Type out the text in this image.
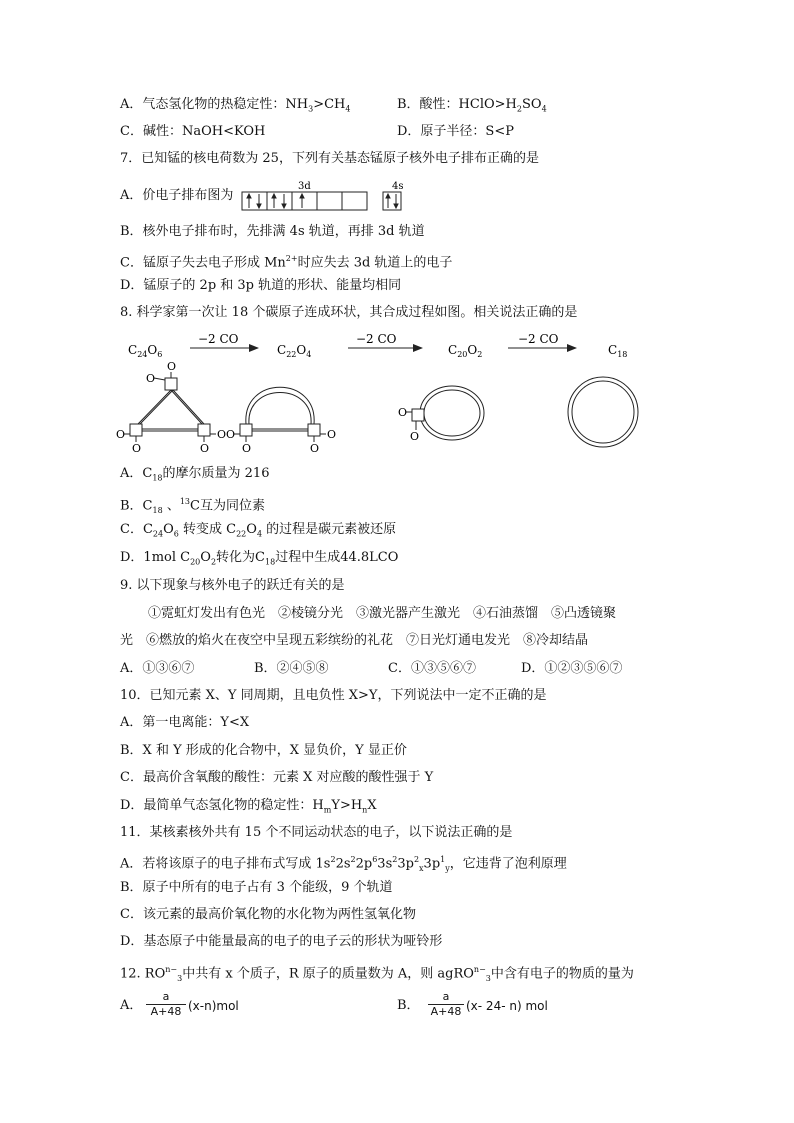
A．气态氢化物的热稳定性：$NH_3>CH_4$	B．酸性：$HClO>H_2SO_4$
C．碱性：NaOH<KOH	D．原子半径：S<P
7．已知锰的核电荷数为 25，下列有关基态锰原子核外电子排布正确的是
A．价电子排布图为
3d	4s
B．核外电子排布时，先排满 4s 轨道，再排 3d 轨道
C．锰原子失去电子形成 $Mn^{2+}$时应失去 3d 轨道上的电子
D．锰原子的 2p 和 3p 轨道的形状、能量均相同
8. 科学家第一次让 18 个碳原子连成环状，其合成过程如图。相关说法正确的是
$C_{24}O_6$	$C_{22}O_4$	$C_{20}O_2$	$C_{18}$
−2 CO	−2 CO	−2 CO
O
O
O
O
O
O
O
O
O
O
O
O
A．$C_{18}$的摩尔质量为 216
B．$C_{18}$ 、$^{13}$C互为同位素
C．$C_{24}O_6$ 转变成 $C_{22}O_4$ 的过程是碳元素被还原
D．1mol $C_{20}O_2$转化为$C_{18}$过程中生成44.8LCO
9. 以下现象与核外电子的跃迁有关的是
①霓虹灯发出有色光　②棱镜分光　③激光器产生激光　④石油蒸馏　⑤凸透镜聚
光　⑥燃放的焰火在夜空中呈现五彩缤纷的礼花　⑦日光灯通电发光　⑧冷却结晶
A．①③⑥⑦	B．②④⑤⑧	C．①③⑤⑥⑦	D．①②③⑤⑥⑦
10．已知元素 X、Y 同周期，且电负性 X>Y，下列说法中一定不正确的是
A．第一电离能：Y<X
B．X 和 Y 形成的化合物中，X 显负价，Y 显正价
C．最高价含氧酸的酸性：元素 X 对应酸的酸性强于 Y
D．最简单气态氢化物的稳定性：$H_mY>H_nX$
11．某核素核外共有 15 个不同运动状态的电子，以下说法正确的是
A．若将该原子的电子排布式写成 $1s^22s^22p^63s^23p^2_x3p^1_y$，它违背了泡利原理
B．原子中所有的电子占有 3 个能级，9 个轨道
C．该元素的最高价氧化物的水化物为两性氢氧化物
D．基态原子中能量最高的电子的电子云的形状为哑铃形
12. $RO^{n-}_3$中共有 x 个质子，R 原子的质量数为 A，则 agRO$^{n-}_3$中含有电子的物质的量为
A． $\frac{a}{A+48} (x-n)mol$	B． $\frac{a}{A+48} (x-$ 24- n) mol
